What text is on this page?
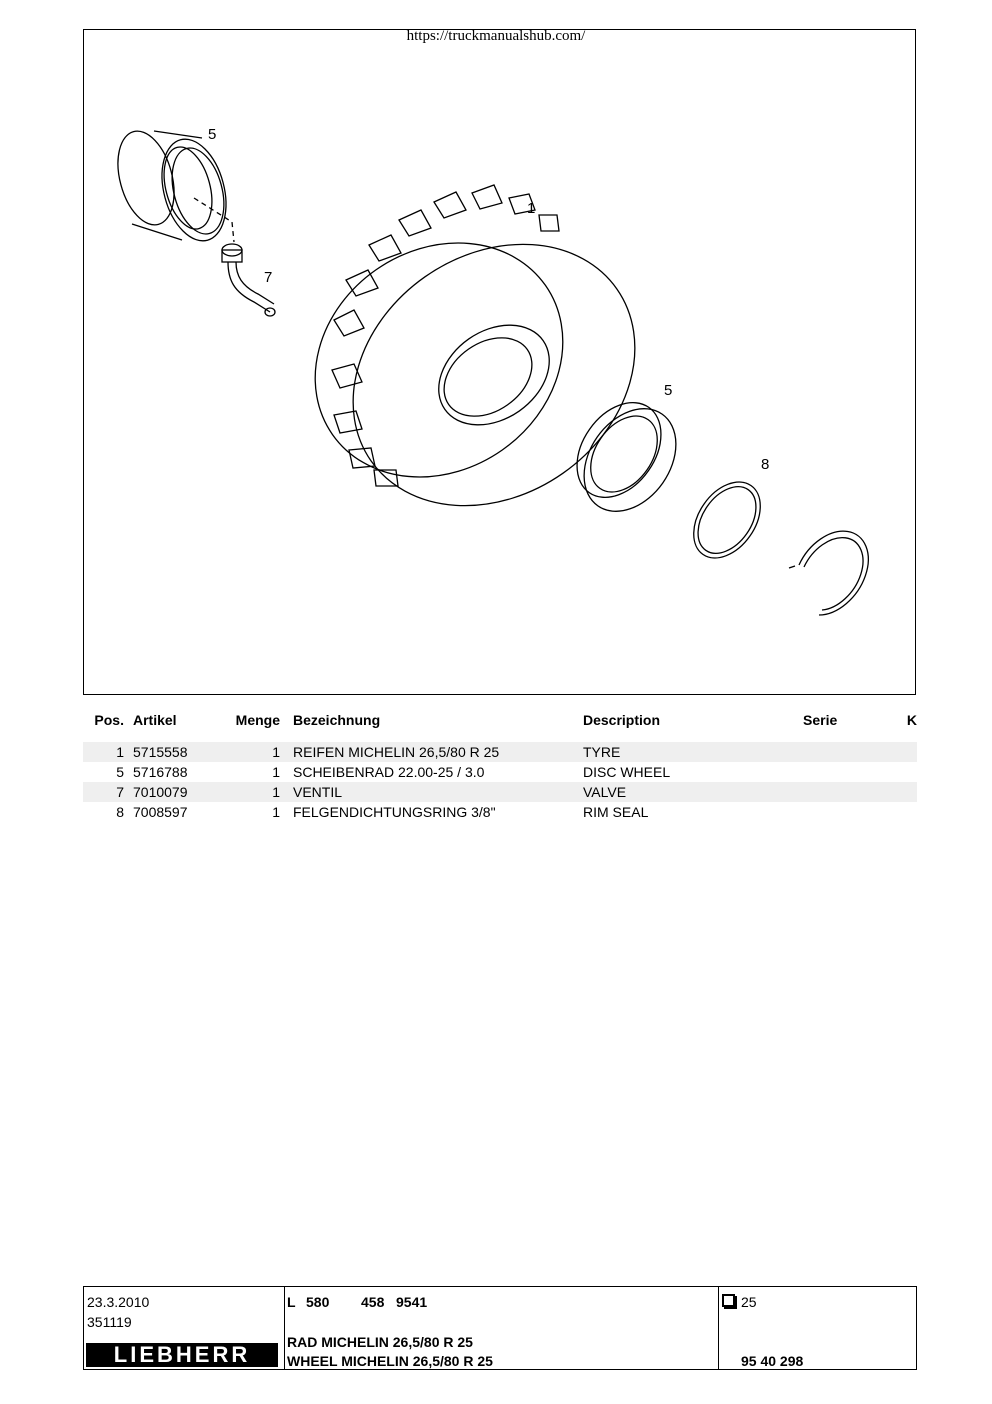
https://truckmanualshub.com/
5
1
7
5
8
Pos. Artikel	Menge Bezeichnung	Description	Serie	K
1 5715558	1 REIFEN MICHELIN 26,5/80 R 25	TYRE
5 5716788	1 SCHEIBENRAD 22.00-25 / 3.0	DISC WHEEL
7 7010079	1 VENTIL	VALVE
8 7008597	1 FELGENDICHTUNGSRING 3/8"	RIM SEAL
23.3.2010
351119
LIEBHERR
L 580 458 9541
RAD MICHELIN 26,5/80 R 25
WHEEL MICHELIN 26,5/80 R 25
25
95 40 298
